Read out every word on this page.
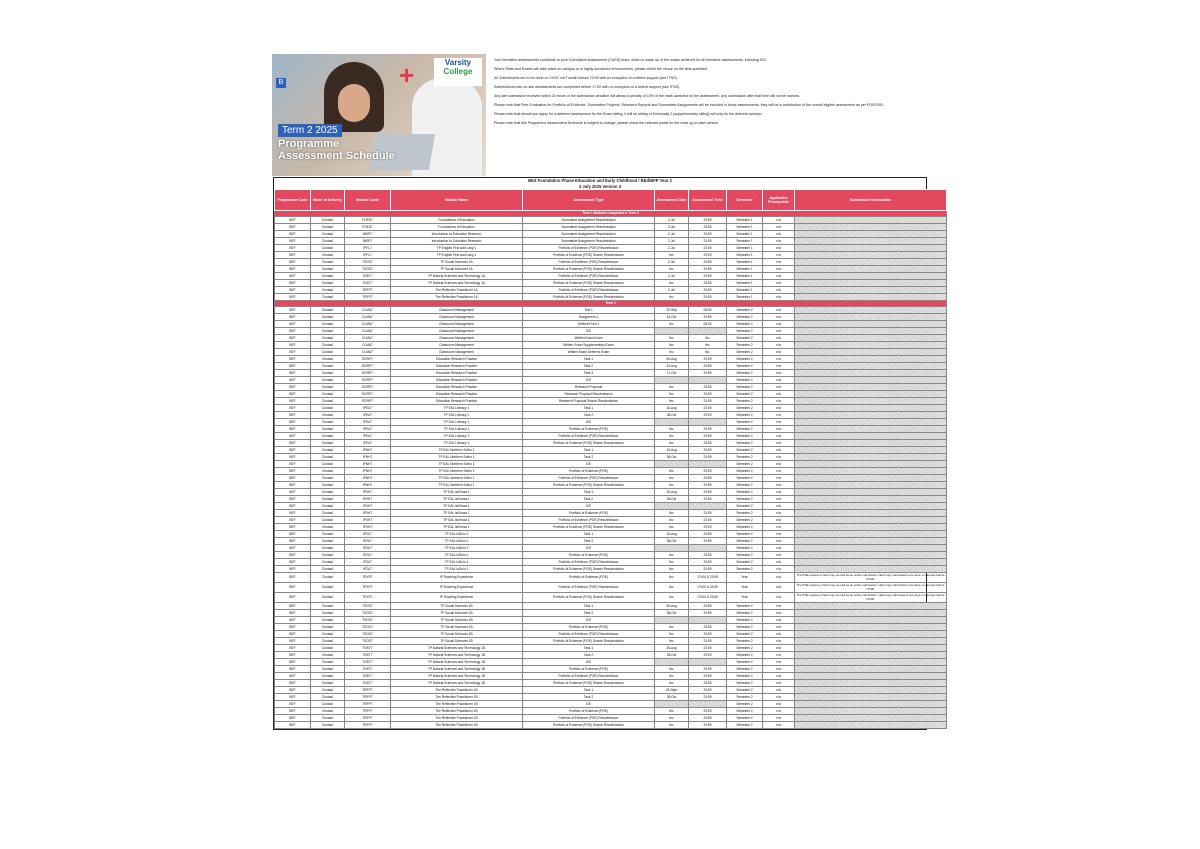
+	Varsity
College
B
Term 2 2025
Programme
Assessment Schedule

Your formative assessments contribute to your Cumulative Assessment (CASS) mark, which is made up of the marks achieved for all formative assessments, including ICE.

Where Tests and Exams will take place on campus or in highly-structured environments, please check the venue on the time-specified.

All Submissions are to be done on CIVIC via Turnitin before 23:59 with no exception of a detent support (see ITNS).

Submissions both on-site assessments are completed before 17:00 with no exception of a detent support (see ITNS).

Any late submission received within 24 hours of the submission deadline will attract a penalty of 10% of the mark awarded for the assessment. Any submission after that time will not be marked.

Please note that Peer Evaluation for Portfolio of Evidence, Summative Projects, Research Reports and Summative Assignments will be included in those assessments; they will be a contribution of the overall eligible assessment as per POE/SSB.

Please note that should you apply for a deferred assessment for the Exam sitting, it will be sitting of Eventually 2 (supplementary sitting) will only be the deferred session.

Please note that this Programme Assessment Schedule is subject to change, please check the relevant portal for the most up-to-date version.

BEd Foundation Phase Education and Early Childhood / BEd/BFP Year 2
3 July 2025 Version 3
Programme Code	Mode of Delivery	Module Code	Module Name	Assessment Type	Assessment Date	Assessment Time	Semester	Applicable Prerequisite	Submission Information
Term 1 Modules Completed in Term 2									
BEF	Contact	FOED7	Foundations of Education	Summative Assignment Resubmission	2-Jul	23:59	Semester 1	n/a	
BEF	Contact	FOED7	Foundations of Education	Summative Assignment Resubmission	2-Jul	23:59	Semester 1	n/a	
BEF	Contact	INER7	Introduction to Education Research	Summative Assignment Resubmission	2-Jul	23:59	Semester 1	n/a	
BEF	Contact	INER7	Introduction to Education Research	Summative Assignment Resubmission	2-Jul	23:59	Semester 1	n/a	
BEF	Contact	IPFL7	TP English First Add Lang 1	Portfolio of Evidence (POE) Resubmission	2-Jul	23:59	Semester 1	n/a	
BEF	Contact	IPFL7	TP English First Add Lang 1	Portfolio of Evidence (POE) Search Resubmission	tbc	23:59	Semester 1	n/a	
BEF	Contact	TSOS7	TP Social Sciences 1A	Portfolio of Evidence (POE) Resubmission	2-Jul	23:59	Semester 1	n/a	
BEF	Contact	TSOS7	TP Social Sciences 1A	Portfolio of Evidence (POE) Search Resubmission	tbc	23:59	Semester 1	n/a	
BEF	Contact	TNST7	TP Natural Sciences and Technology 1A	Portfolio of Evidence (POE) Resubmission	2-Jul	23:59	Semester 1	n/a	
BEF	Contact	TNST7	TP Natural Sciences and Technology 1A	Portfolio of Evidence (POE) Search Resubmission	tbc	23:59	Semester 1	n/a	
BEF	Contact	TRFP7	The Reflective Practitioner 1A	Portfolio of Evidence (POE) Resubmission	2-Jul	23:59	Semester 1	n/a	
BEF	Contact	TRFP7	The Reflective Practitioner 1A	Portfolio of Evidence (POE) Search Resubmission	tbc	23:59	Semester 1	n/a	
Term 2									
BEF	Contact	CLMA7	Classroom Management	Test 1	20-Sep	08:00	Semester 2	n/a	
BEF	Contact	CLMA7	Classroom Management	Assignment 1	15-Oct	23:59	Semester 2	n/a	
BEF	Contact	CLMA7	Classroom Management	Deferred Test 1	tbc	08:00	Semester 2	n/a	
BEF	Contact	CLMA7	Classroom Management	ICE			Semester 2	n/a	
BEF	Contact	CLMA7	Classroom Management	Written Exam Exam	tbc	tbc	Semester 2	n/a	
BEF	Contact	CLMA7	Classroom Management	Written Exam Supplementary Exam	tbc	tbc	Semester 2	n/a	
BEF	Contact	CLMA7	Classroom Management	Written Exam Deferred Exam	tbc	tbc	Semester 2	n/a	
BEF	Contact	EDRP7	Education Research Practice	Task 1	06-Aug	23:59	Semester 2	n/a	
BEF	Contact	EDRP7	Education Research Practice	Task 2	23-Aug	23:59	Semester 2	n/a	
BEF	Contact	EDRP7	Education Research Practice	Task 3	17-Oct	23:59	Semester 2	n/a	
BEF	Contact	EDRP7	Education Research Practice	ICE			Semester 2	n/a	
BEF	Contact	EDRP7	Education Research Practice	Research Proposal	tbc	23:59	Semester 2	n/a	
BEF	Contact	EDRP7	Education Research Practice	Research Proposal Resubmission	tbc	23:59	Semester 2	n/a	
BEF	Contact	EDRP7	Education Research Practice	Research Proposal Search Resubmission	tbc	23:59	Semester 2	n/a	
BEF	Contact	IPEA7	TP EAL Literacy 1	Task 1	16-Aug	23:59	Semester 2	n/a	
BEF	Contact	IPEA7	TP EAL Literacy 1	Task 2	08-Oct	23:59	Semester 2	n/a	
BEF	Contact	IPEA7	TP EAL Literacy 1	ICE			Semester 2	n/a	
BEF	Contact	IPEA7	TP EAL Literacy 1	Portfolio of Evidence (POE)	tbc	23:59	Semester 2	n/a	
BEF	Contact	IPEA7	TP EAL Literacy 1	Portfolio of Evidence (POE) Resubmission	tbc	23:59	Semester 2	n/a	
BEF	Contact	IPEA7	TP EAL Literacy 1	Portfolio of Evidence (POE) Search Resubmission	tbc	23:59	Semester 2	n/a	
BEF	Contact	IPNH7	TP EAL Northern Sotho 1	Task 1	16-Aug	23:59	Semester 2	n/a	
BEF	Contact	IPNH7	TP EAL Northern Sotho 1	Task 2	08-Oct	23:59	Semester 2	n/a	
BEF	Contact	IPNH7	TP EAL Northern Sotho 1	ICE			Semester 2	n/a	
BEF	Contact	IPNH7	TP EAL Northern Sotho 1	Portfolio of Evidence (POE)	tbc	23:59	Semester 2	n/a	
BEF	Contact	IPNH7	TP EAL Northern Sotho 1	Portfolio of Evidence (POE) Resubmission	tbc	23:59	Semester 2	n/a	
BEF	Contact	IPNH7	TP EAL Northern Sotho 1	Portfolio of Evidence (POE) Search Resubmission	tbc	23:59	Semester 2	n/a	
BEF	Contact	IPXH7	TP EAL isiXhosa 1	Task 1	16-Aug	23:59	Semester 2	n/a	
BEF	Contact	IPXH7	TP EAL isiXhosa 1	Task 2	08-Oct	23:59	Semester 2	n/a	
BEF	Contact	IPXH7	TP EAL isiXhosa 1	ICE			Semester 2	n/a	
BEF	Contact	IPXH7	TP EAL isiXhosa 1	Portfolio of Evidence (POE)	tbc	23:59	Semester 2	n/a	
BEF	Contact	IPXH7	TP EAL isiXhosa 1	Portfolio of Evidence (POE) Resubmission	tbc	23:59	Semester 2	n/a	
BEF	Contact	IPXH7	TP EAL isiXhosa 1	Portfolio of Evidence (POE) Search Resubmission	tbc	23:59	Semester 2	n/a	
BEF	Contact	IPZU7	TP EAL isiZulu 1	Task 1	16-Aug	23:59	Semester 2	n/a	
BEF	Contact	IPZU7	TP EAL isiZulu 1	Task 2	08-Oct	23:59	Semester 2	n/a	
BEF	Contact	IPZU7	TP EAL isiZulu 1	ICE			Semester 2	n/a	
BEF	Contact	IPZU7	TP EAL isiZulu 1	Portfolio of Evidence (POE)	tbc	23:59	Semester 2	n/a	
BEF	Contact	IPZU7	TP EAL isiZulu 1	Portfolio of Evidence (POE) Resubmission	tbc	23:59	Semester 2	n/a	
BEF	Contact	IPZU7	TP EAL isiZulu 1	Portfolio of Evidence (POE) Search Resubmission	tbc	23:59	Semester 2	n/a	
BEF	Contact	TEXP7	IP Teaching Experience	Portfolio of Evidence (POE)	tbc	17h00 & 23:59	Year	n/a	The POE requires a hard copy as well as an online submission. Hard copy submissions are done on campus before 17h00.
BEF	Contact	TEXP7	IP Teaching Experience	Portfolio of Evidence (POE) Resubmission	tbc	17h00 & 23:59	Year	n/a	The POE requires a hard copy as well as an online submission. Hard copy submissions are done on campus before 17h00.
BEF	Contact	TEXP7	IP Teaching Experience	Portfolio of Evidence (POE) Search Resubmission	tbc	17h00 & 23:59	Year	n/a	The POE requires a hard copy as well as an online submission. Hard copy submissions are done on campus before 17h00.
BEF	Contact	TSOS7	TP Social Sciences 1B	Task 1	06-Aug	23:59	Semester 2	n/a	
BEF	Contact	TSOS7	TP Social Sciences 1B	Task 2	08-Oct	23:59	Semester 2	n/a	
BEF	Contact	TSOS7	TP Social Sciences 1B	ICE			Semester 2	n/a	
BEF	Contact	TSOS7	TP Social Sciences 1B	Portfolio of Evidence (POE)	tbc	23:59	Semester 2	n/a	
BEF	Contact	TSOS7	TP Social Sciences 1B	Portfolio of Evidence (POE) Resubmission	tbc	23:59	Semester 2	n/a	
BEF	Contact	TSOS7	TP Social Sciences 1B	Portfolio of Evidence (POE) Search Resubmission	tbc	23:59	Semester 2	n/a	
BEF	Contact	TNST7	TP Natural Sciences and Technology 1B	Task 1	25-Aug	23:59	Semester 2	n/a	
BEF	Contact	TNST7	TP Natural Sciences and Technology 1B	Task 2	28-Oct	23:59	Semester 2	n/a	
BEF	Contact	TNST7	TP Natural Sciences and Technology 1B	ICE			Semester 2	n/a	
BEF	Contact	TNST7	TP Natural Sciences and Technology 1B	Portfolio of Evidence (POE)	tbc	23:59	Semester 2	n/a	
BEF	Contact	TNST7	TP Natural Sciences and Technology 1B	Portfolio of Evidence (POE) Resubmission	tbc	23:59	Semester 2	n/a	
BEF	Contact	TNST7	TP Natural Sciences and Technology 1B	Portfolio of Evidence (POE) Search Resubmission	tbc	23:59	Semester 2	n/a	
BEF	Contact	TRFP7	The Reflective Practitioner 1B	Task 1	25-Sept	23:59	Semester 2	n/a	
BEF	Contact	TRFP7	The Reflective Practitioner 1B	Task 2	28-Oct	23:59	Semester 2	n/a	
BEF	Contact	TRFP7	The Reflective Practitioner 1B	ICE			Semester 2	n/a	
BEF	Contact	TRFP7	The Reflective Practitioner 1B	Portfolio of Evidence (POE)	tbc	23:59	Semester 2	n/a	
BEF	Contact	TRFP7	The Reflective Practitioner 1B	Portfolio of Evidence (POE) Resubmission	tbc	23:59	Semester 2	n/a	
BEF	Contact	TRFP7	The Reflective Practitioner 1B	Portfolio of Evidence (POE) Search Resubmission	tbc	23:59	Semester 2	n/a	
